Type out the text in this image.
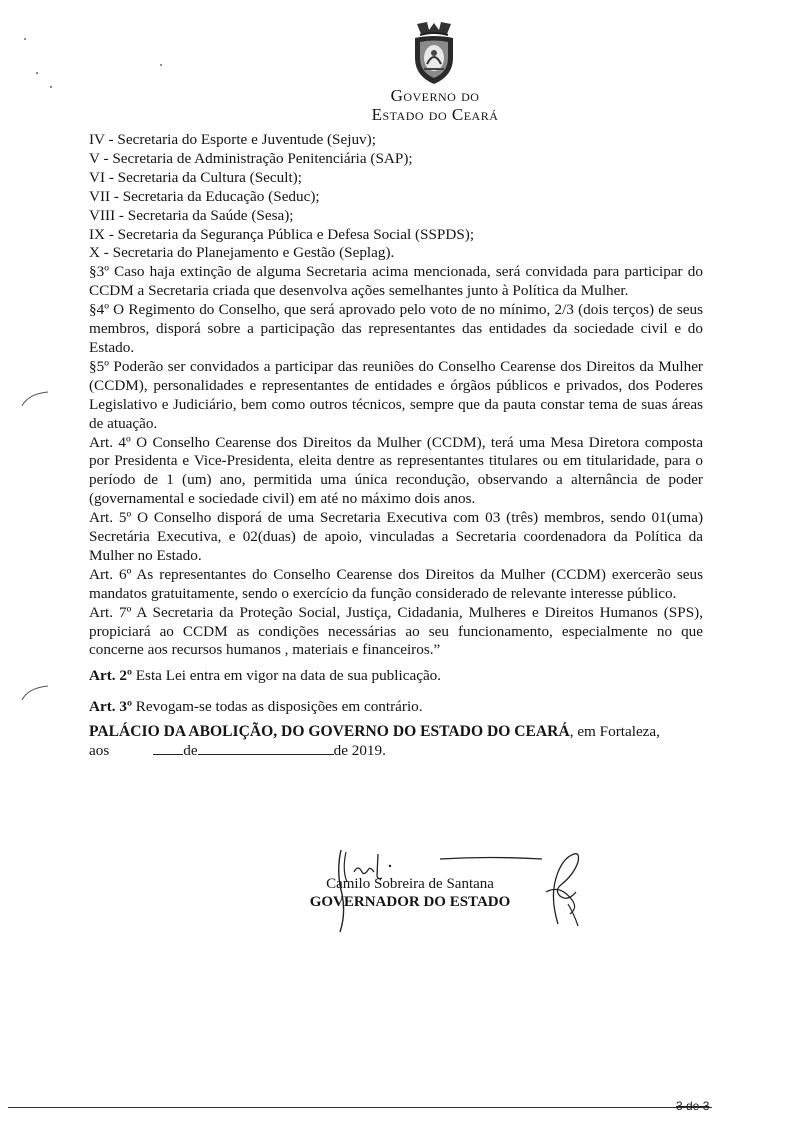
Governo do
Estado do Ceará

IV - Secretaria do Esporte e Juventude (Sejuv);

V - Secretaria de Administração Penitenciária (SAP);

VI - Secretaria da Cultura (Secult);

VII - Secretaria da Educação (Seduc);

VIII - Secretaria da Saúde (Sesa);

IX - Secretaria da Segurança Pública e Defesa Social (SSPDS);

X - Secretaria do Planejamento e Gestão (Seplag).

§3º Caso haja extinção de alguma Secretaria acima mencionada, será convidada para participar do CCDM a Secretaria criada que desenvolva ações semelhantes junto à Política da Mulher.

§4º O Regimento do Conselho, que será aprovado pelo voto de no mínimo, 2/3 (dois terços) de seus membros, disporá sobre a participação das representantes das entidades da sociedade civil e do Estado.

§5º Poderão ser convidados a participar das reuniões do Conselho Cearense dos Direitos da Mulher (CCDM), personalidades e representantes de entidades e órgãos públicos e privados, dos Poderes Legislativo e Judiciário, bem como outros técnicos, sempre que da pauta constar tema de suas áreas de atuação.

Art. 4º O Conselho Cearense dos Direitos da Mulher (CCDM), terá uma Mesa Diretora composta por Presidenta e Vice-Presidenta, eleita dentre as representantes titulares ou em titularidade, para o período de 1 (um) ano, permitida uma única recondução, observando a alternância de poder (governamental e sociedade civil) em até no máximo dois anos.

Art. 5º O Conselho disporá de uma Secretaria Executiva com 03 (três) membros, sendo 01(uma) Secretária Executiva, e 02(duas) de apoio, vinculadas a Secretaria coordenadora da Política da Mulher no Estado.

Art. 6º As representantes do Conselho Cearense dos Direitos da Mulher (CCDM) exercerão seus mandatos gratuitamente, sendo o exercício da função considerado de relevante interesse público.

Art. 7º A Secretaria da Proteção Social, Justiça, Cidadania, Mulheres e Direitos Humanos (SPS), propiciará ao CCDM as condições necessárias ao seu funcionamento, especialmente no que concerne aos recursos humanos , materiais e financeiros.”

Art. 2º Esta Lei entra em vigor na data de sua publicação.

Art. 3º Revogam-se todas as disposições em contrário.

PALÁCIO DA ABOLIÇÃO, DO GOVERNO DO ESTADO DO CEARÁ, em Fortaleza,

aos	de	de 2019.

Camilo Sobreira de Santana
GOVERNADOR DO ESTADO
3 de 3
